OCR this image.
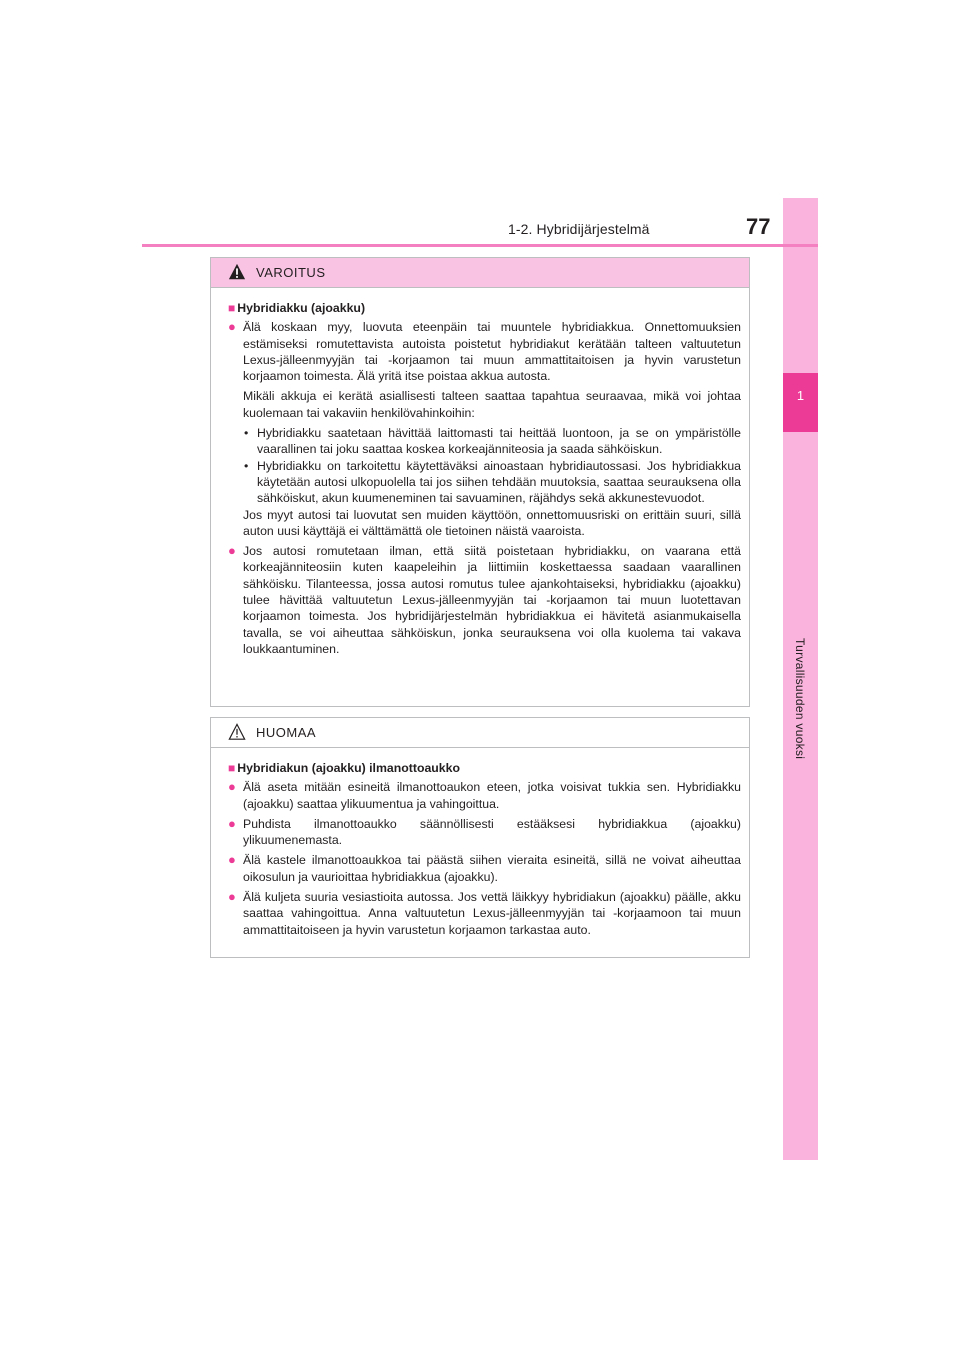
1
Turvallisuuden vuoksi
1-2. Hybridijärjestelmä	77
VAROITUS
■ Hybridiakku (ajoakku)
● Älä koskaan myy, luovuta eteenpäin tai muuntele hybridiakkua. Onnettomuuksien estämiseksi romutettavista autoista poistetut hybridiakut kerätään talteen valtuutetun Lexus-jälleenmyyjän tai -korjaamon tai muun ammattitaitoisen ja hyvin varustetun korjaamon toimesta. Älä yritä itse poistaa akkua autosta.
Mikäli akkuja ei kerätä asiallisesti talteen saattaa tapahtua seuraavaa, mikä voi johtaa kuolemaan tai vakaviin henkilövahinkoihin:
• Hybridiakku saatetaan hävittää laittomasti tai heittää luontoon, ja se on ympäristölle vaarallinen tai joku saattaa koskea korkeajänniteosia ja saada sähköiskun.
• Hybridiakku on tarkoitettu käytettäväksi ainoastaan hybridiautossasi. Jos hybridiakkua käytetään autosi ulkopuolella tai jos siihen tehdään muutoksia, saattaa seurauksena olla sähköiskut, akun kuumeneminen tai savuaminen, räjähdys sekä akkunestevuodot.
Jos myyt autosi tai luovutat sen muiden käyttöön, onnettomuusriski on erittäin suuri, sillä auton uusi käyttäjä ei välttämättä ole tietoinen näistä vaaroista.
● Jos autosi romutetaan ilman, että siitä poistetaan hybridiakku, on vaarana että korkeajänniteosiin kuten kaapeleihin ja liittimiin koskettaessa saadaan vaarallinen sähköisku. Tilanteessa, jossa autosi romutus tulee ajankohtaiseksi, hybridiakku (ajoakku) tulee hävittää valtuutetun Lexus-jälleenmyyjän tai -korjaamon tai muun luotettavan korjaamon toimesta. Jos hybridijärjestelmän hybridiakkua ei hävitetä asianmukaisella tavalla, se voi aiheuttaa sähköiskun, jonka seurauksena voi olla kuolema tai vakava loukkaantuminen.
HUOMAA
■ Hybridiakun (ajoakku) ilmanottoaukko
● Älä aseta mitään esineitä ilmanottoaukon eteen, jotka voisivat tukkia sen. Hybridiakku (ajoakku) saattaa ylikuumentua ja vahingoittua.
● Puhdista ilmanottoaukko säännöllisesti estääksesi hybridiakkua (ajoakku) ylikuumenemasta.
● Älä kastele ilmanottoaukkoa tai päästä siihen vieraita esineitä, sillä ne voivat aiheuttaa oikosulun ja vaurioittaa hybridiakkua (ajoakku).
● Älä kuljeta suuria vesiastioita autossa. Jos vettä läikkyy hybridiakun (ajoakku) päälle, akku saattaa vahingoittua. Anna valtuutetun Lexus-jälleenmyyjän tai -korjaamoon tai muun ammattitaitoiseen ja hyvin varustetun korjaamon tarkastaa auto.
